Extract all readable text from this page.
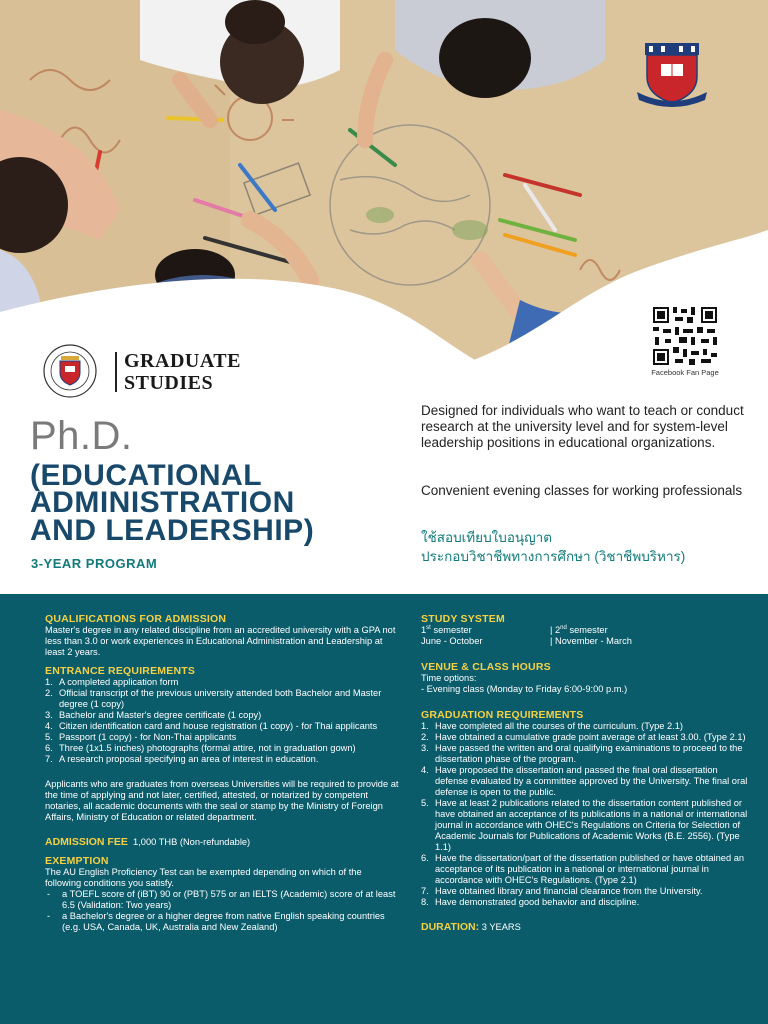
Facebook Fan Page
GRADUATE
STUDIES
Ph.D.
(EDUCATIONAL
ADMINISTRATION
AND LEADERSHIP)
3-YEAR PROGRAM
Designed for individuals who want to teach or conduct research at the university level and for system-level leadership positions in educational organizations.
Convenient evening classes for working professionals
ใช้สอบเทียบใบอนุญาต
ประกอบวิชาชีพทางการศึกษา (วิชาชีพบริหาร)
QUALIFICATIONS FOR ADMISSION
Master's degree in any related discipline from an accredited university with a GPA not less than 3.0 or work experiences in Educational Administration and Leadership at least 2 years.
ENTRANCE REQUIREMENTS
1. A completed application form
2. Official transcript of the previous university attended both Bachelor and Master degree (1 copy)
3. Bachelor and Master's degree certificate (1 copy)
4. Citizen identification card and house registration (1 copy) - for Thai applicants
5. Passport (1 copy) - for Non-Thai applicants
6. Three (1x1.5 inches) photographs (formal attire, not in graduation gown)
7. A research proposal specifying an area of interest in education.
Applicants who are graduates from overseas Universities will be required to provide at the time of applying and not later, certified, attested, or notarized by competent notaries, all academic documents with the seal or stamp by the Ministry of Foreign Affairs, Ministry of Education or related department.
ADMISSION FEE 1,000 THB (Non-refundable)
EXEMPTION
The AU English Proficiency Test can be exempted depending on which of the following conditions you satisfy.
- a TOEFL score of (iBT) 90 or (PBT) 575 or an IELTS (Academic) score of at least 6.5 (Validation: Two years)
- a Bachelor's degree or a higher degree from native English speaking countries (e.g. USA, Canada, UK, Australia and New Zealand)
STUDY SYSTEM
1st semester	| 2nd semester
June - October	| November - March
VENUE & CLASS HOURS
Time options:
- Evening class (Monday to Friday 6:00-9:00 p.m.)
GRADUATION REQUIREMENTS
1. Have completed all the courses of the curriculum. (Type 2.1)
2. Have obtained a cumulative grade point average of at least 3.00. (Type 2.1)
3. Have passed the written and oral qualifying examinations to proceed to the dissertation phase of the program.
4. Have proposed the dissertation and passed the final oral dissertation defense evaluated by a committee approved by the University. The final oral defense is open to the public.
5. Have at least 2 publications related to the dissertation content published or have obtained an acceptance of its publications in a national or international journal in accordance with OHEC's Regulations on Criteria for Selection of Academic Journals for Publications of Academic Works (B.E. 2556). (Type 1.1)
6. Have the dissertation/part of the dissertation published or have obtained an acceptance of its publication in a national or international journal in accordance with OHEC's Regulations. (Type 2.1)
7. Have obtained library and financial clearance from the University.
8. Have demonstrated good behavior and discipline.
DURATION: 3 YEARS
